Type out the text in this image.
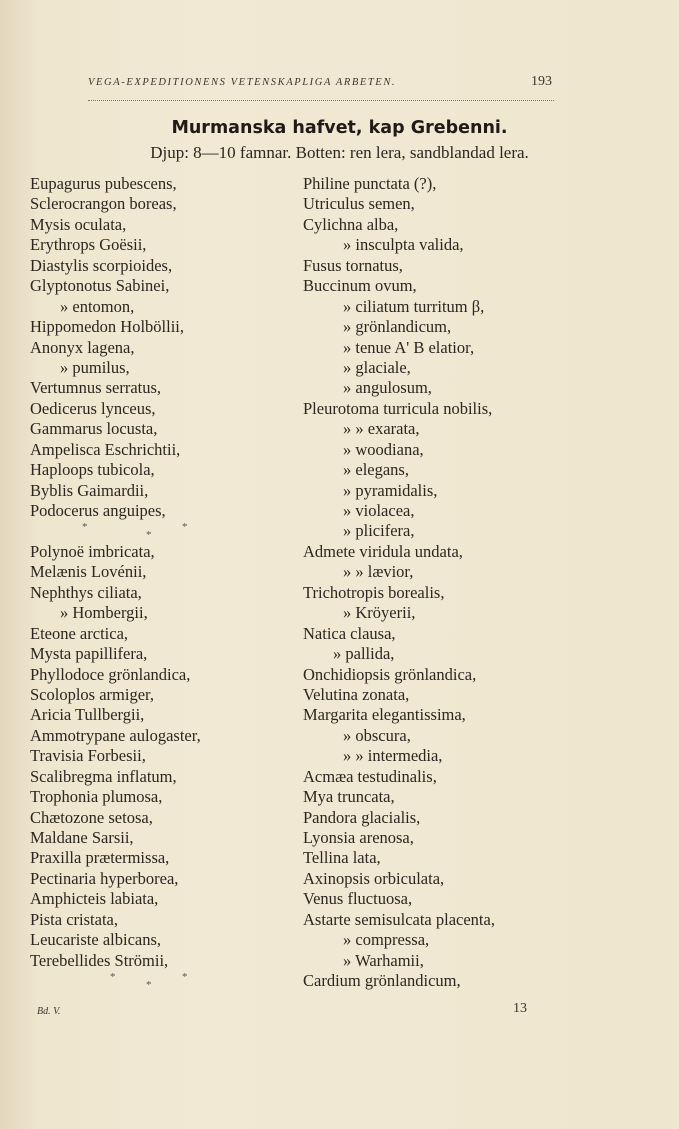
VEGA-EXPEDITIONENS VETENSKAPLIGA ARBETEN.	193
Murmanska hafvet, kap Grebenni.
Djup: 8—10 famnar. Botten: ren lera, sandblandad lera.
Eupagurus pubescens,
Sclerocrangon boreas,
Mysis oculata,
Erythrops Goësii,
Diastylis scorpioides,
Glyptonotus Sabinei,
» entomon,
Hippomedon Holböllii,
Anonyx lagena,
» pumilus,
Vertumnus serratus,
Oedicerus lynceus,
Gammarus locusta,
Ampelisca Eschrichtii,
Haploops tubicola,
Byblis Gaimardii,
Podocerus anguipes,
*
*
*
Polynoë imbricata,
Melænis Lovénii,
Nephthys ciliata,
» Hombergii,
Eteone arctica,
Mysta papillifera,
Phyllodoce grönlandica,
Scoloplos armiger,
Aricia Tullbergii,
Ammotrypane aulogaster,
Travisia Forbesii,
Scalibregma inflatum,
Trophonia plumosa,
Chætozone setosa,
Maldane Sarsii,
Praxilla prætermissa,
Pectinaria hyperborea,
Amphicteis labiata,
Pista cristata,
Leucariste albicans,
Terebellides Strömii,
*
*
*
Philine punctata (?),
Utriculus semen,
Cylichna alba,
» insculpta valida,
Fusus tornatus,
Buccinum ovum,
» ciliatum turritum β,
» grönlandicum,
» tenue A' B elatior,
» glaciale,
» angulosum,
Pleurotoma turricula nobilis,
» » exarata,
» woodiana,
» elegans,
» pyramidalis,
» violacea,
» plicifera,
Admete viridula undata,
» » lævior,
Trichotropis borealis,
» Kröyerii,
Natica clausa,
» pallida,
Onchidiopsis grönlandica,
Velutina zonata,
Margarita elegantissima,
» obscura,
» » intermedia,
Acmæa testudinalis,
Mya truncata,
Pandora glacialis,
Lyonsia arenosa,
Tellina lata,
Axinopsis orbiculata,
Venus fluctuosa,
Astarte semisulcata placenta,
» compressa,
» Warhamii,
Cardium grönlandicum,
Bd. V.	13
